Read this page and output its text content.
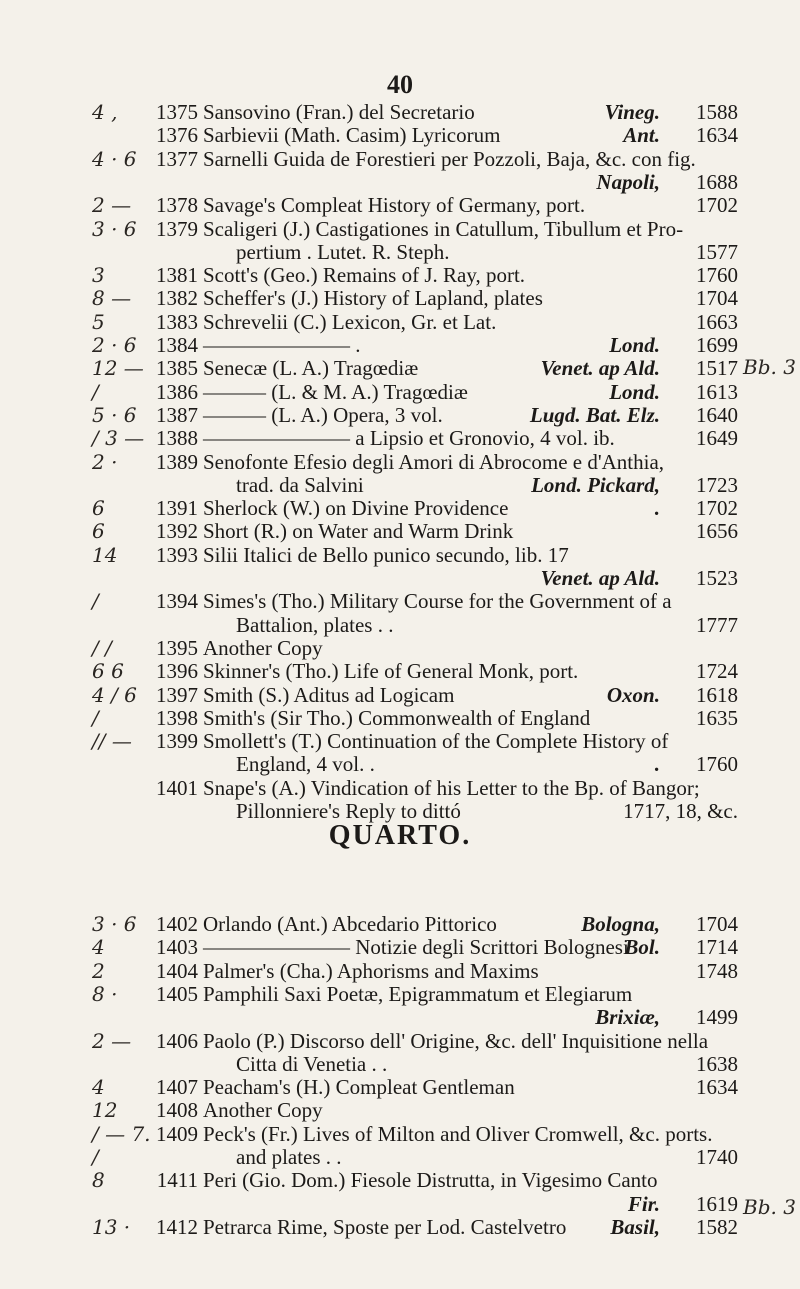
40
4 ,	1375 Sansovino (Fran.) del Secretario	Vineg. 1588
1376 Sarbievii (Math. Casim) Lyricorum	Ant. 1634
4 · 6 1377 Sarnelli Guida de Forestieri per Pozzoli, Baja, &c. con fig.
Napoli, 1688
2 —	1378 Savage's Compleat History of Germany, port.	1702
3 · 6 1379 Scaligeri (J.) Castigationes in Catullum, Tibullum et Pro-
pertium . Lutet. R. Steph.	1577
3	1381 Scott's (Geo.) Remains of J. Ray, port.	1760
8 —	1382 Scheffer's (J.) History of Lapland, plates	1704
5	1383 Schrevelii (C.) Lexicon, Gr. et Lat.	1663
2 · 6 1384 ——————— .	Lond. 1699
12 — 1385 Senecæ (L. A.) Tragœdiæ	Venet. ap Ald. 1517
/	1386 ——— (L. & M. A.) Tragœdiæ	Lond. 1613
5 · 6 1387 ——— (L. A.) Opera, 3 vol.	Lugd. Bat. Elz. 1640
/ 3 — 1388 ——————— a Lipsio et Gronovio, 4 vol. ib.	1649
2 ·	1389 Senofonte Efesio degli Amori di Abrocome e d'Anthia,
trad. da Salvini	Lond. Pickard, 1723
6	1391 Sherlock (W.) on Divine Providence	. 1702
6	1392 Short (R.) on Water and Warm Drink	1656
14	1393 Silii Italici de Bello punico secundo, lib. 17
Venet. ap Ald. 1523
/	1394 Simes's (Tho.) Military Course for the Government of a
Battalion, plates . .	1777
/ /	1395 Another Copy
6 6	1396 Skinner's (Tho.) Life of General Monk, port.	1724
4 / 6 1397 Smith (S.) Aditus ad Logicam	Oxon. 1618
/	1398 Smith's (Sir Tho.) Commonwealth of England	1635
// —	1399 Smollett's (T.) Continuation of the Complete History of
England, 4 vol. .	. 1760
1401 Snape's (A.) Vindication of his Letter to the Bp. of Bangor;
Pillonniere's Reply to dittó	1717, 18, &c.
QUARTO.
3 · 6 1402 Orlando (Ant.) Abcedario Pittorico	Bologna, 1704
4	1403 ——————— Notizie degli Scrittori Bolognesi
Bol. 1714
2	1404 Palmer's (Cha.) Aphorisms and Maxims	1748
8 ·	1405 Pamphili Saxi Poetæ, Epigrammatum et Elegiarum
Brixiæ, 1499
2 —	1406 Paolo (P.) Discorso dell' Origine, &c. dell' Inquisitione nella
Citta di Venetia . .	1638
4	1407 Peacham's (H.) Compleat Gentleman	1634
12	1408 Another Copy
/ — 7. 1409 Peck's (Fr.) Lives of Milton and Oliver Cromwell, &c. ports.
/	and plates . .	1740
8	1411 Peri (Gio. Dom.) Fiesole Distrutta, in Vigesimo Canto
Fir. 1619
13 ·	1412 Petrarca Rime, Sposte per Lod. Castelvetro	Basil, 1582
Bb. 3
Bb. 3
